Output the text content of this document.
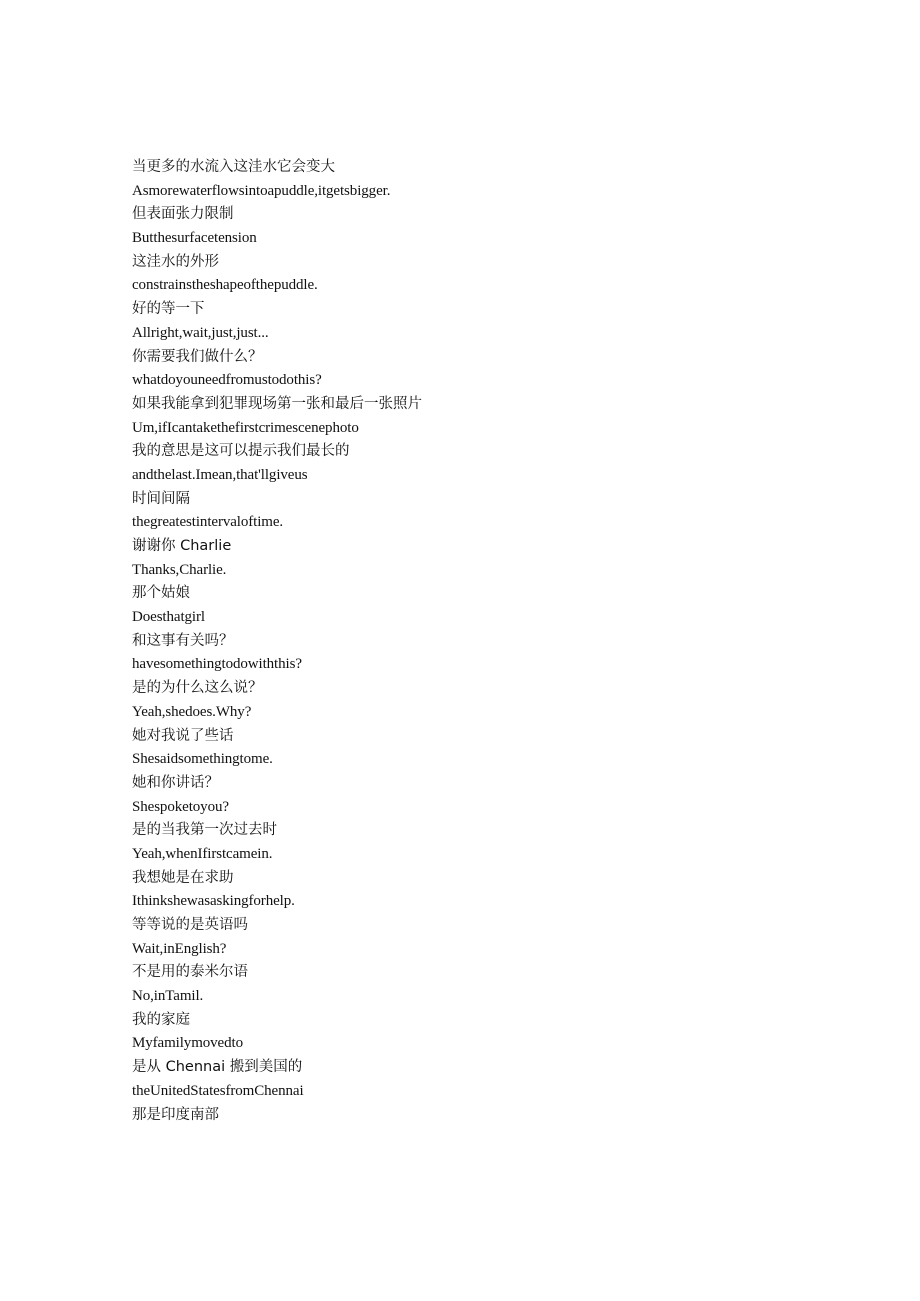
当更多的水流入这洼水它会变大
Asmorewaterflowsintoapuddle,itgetsbigger.
但表面张力限制
Butthesurfacetension
这洼水的外形
constrainstheshapeofthepuddle.
好的等一下
Allright,wait,just,just...
你需要我们做什么？
whatdoyouneedfromustodothis?
如果我能拿到犯罪现场第一张和最后一张照片
Um,ifIcantakethefirstcrimescenephoto
我的意思是这可以提示我们最长的
andthelast.Imean,that'llgiveus
时间间隔
thegreatestintervaloftime.
谢谢你 Charlie
Thanks,Charlie.
那个姑娘
Doesthatgirl
和这事有关吗？
havesomethingtodowiththis?
是的为什么这么说？
Yeah,shedoes.Why?
她对我说了些话
Shesaidsomethingtome.
她和你讲话？
Shespoketoyou?
是的当我第一次过去时
Yeah,whenIfirstcamein.
我想她是在求助
Ithinkshewasaskingforhelp.
等等说的是英语吗
Wait,inEnglish?
不是用的泰米尔语
No,inTamil.
我的家庭
Myfamilymovedto
是从 Chennai 搬到美国的
theUnitedStatesfromChennai
那是印度南部
